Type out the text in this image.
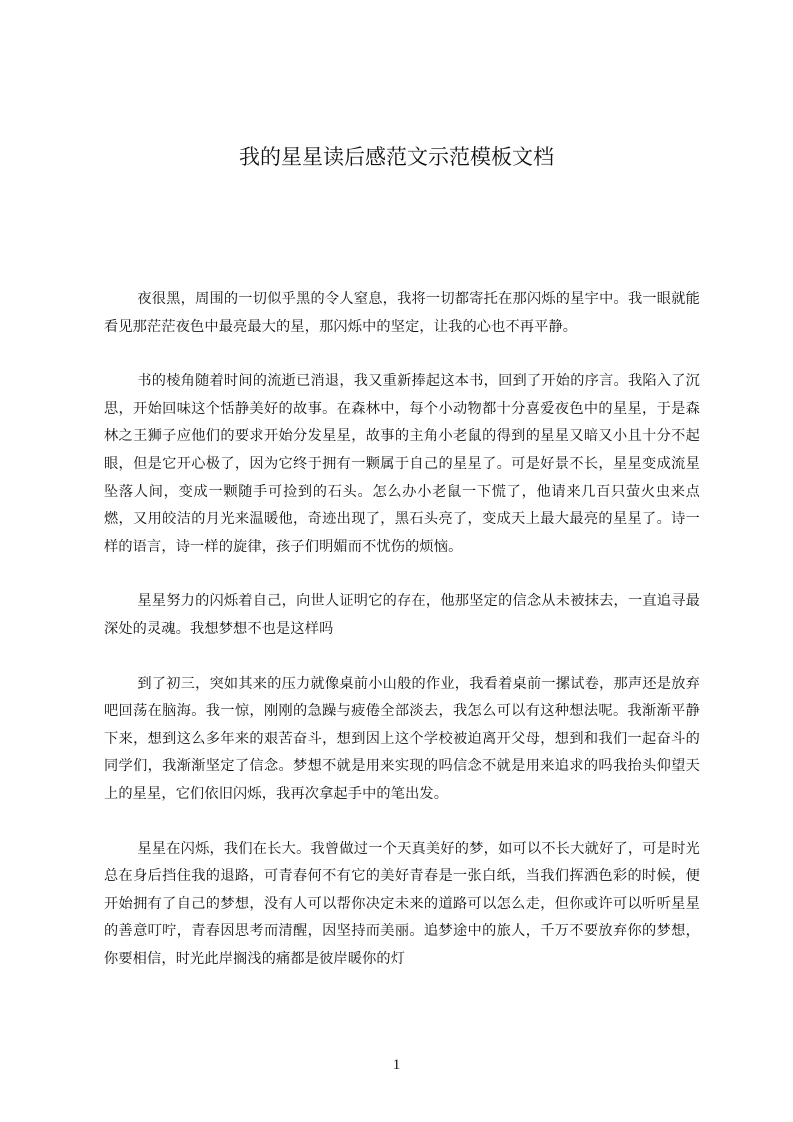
我的星星读后感范文示范模板文档

夜很黑，周围的一切似乎黑的令人窒息，我将一切都寄托在那闪烁的星宇中。我一眼就能看见那茫茫夜色中最亮最大的星，那闪烁中的坚定，让我的心也不再平静。

书的棱角随着时间的流逝已消退，我又重新捧起这本书，回到了开始的序言。我陷入了沉思，开始回味这个恬静美好的故事。在森林中，每个小动物都十分喜爱夜色中的星星，于是森林之王狮子应他们的要求开始分发星星，故事的主角小老鼠的得到的星星又暗又小且十分不起眼，但是它开心极了，因为它终于拥有一颗属于自己的星星了。可是好景不长，星星变成流星坠落人间，变成一颗随手可捡到的石头。怎么办小老鼠一下慌了，他请来几百只萤火虫来点燃，又用皎洁的月光来温暖他，奇迹出现了，黑石头亮了，变成天上最大最亮的星星了。诗一样的语言，诗一样的旋律，孩子们明媚而不忧伤的烦恼。

星星努力的闪烁着自己，向世人证明它的存在，他那坚定的信念从未被抹去，一直追寻最深处的灵魂。我想梦想不也是这样吗

到了初三，突如其来的压力就像桌前小山般的作业，我看着桌前一摞试卷，那声还是放弃吧回荡在脑海。我一惊，刚刚的急躁与疲倦全部淡去，我怎么可以有这种想法呢。我渐渐平静下来，想到这么多年来的艰苦奋斗，想到因上这个学校被迫离开父母，想到和我们一起奋斗的同学们，我渐渐坚定了信念。梦想不就是用来实现的吗信念不就是用来追求的吗我抬头仰望天上的星星，它们依旧闪烁，我再次拿起手中的笔出发。

星星在闪烁，我们在长大。我曾做过一个天真美好的梦，如可以不长大就好了，可是时光总在身后挡住我的退路，可青春何不有它的美好青春是一张白纸，当我们挥洒色彩的时候，便开始拥有了自己的梦想，没有人可以帮你决定未来的道路可以怎么走，但你或许可以听听星星的善意叮咛，青春因思考而清醒，因坚持而美丽。追梦途中的旅人，千万不要放弃你的梦想，你要相信，时光此岸搁浅的痛都是彼岸暖你的灯

1
